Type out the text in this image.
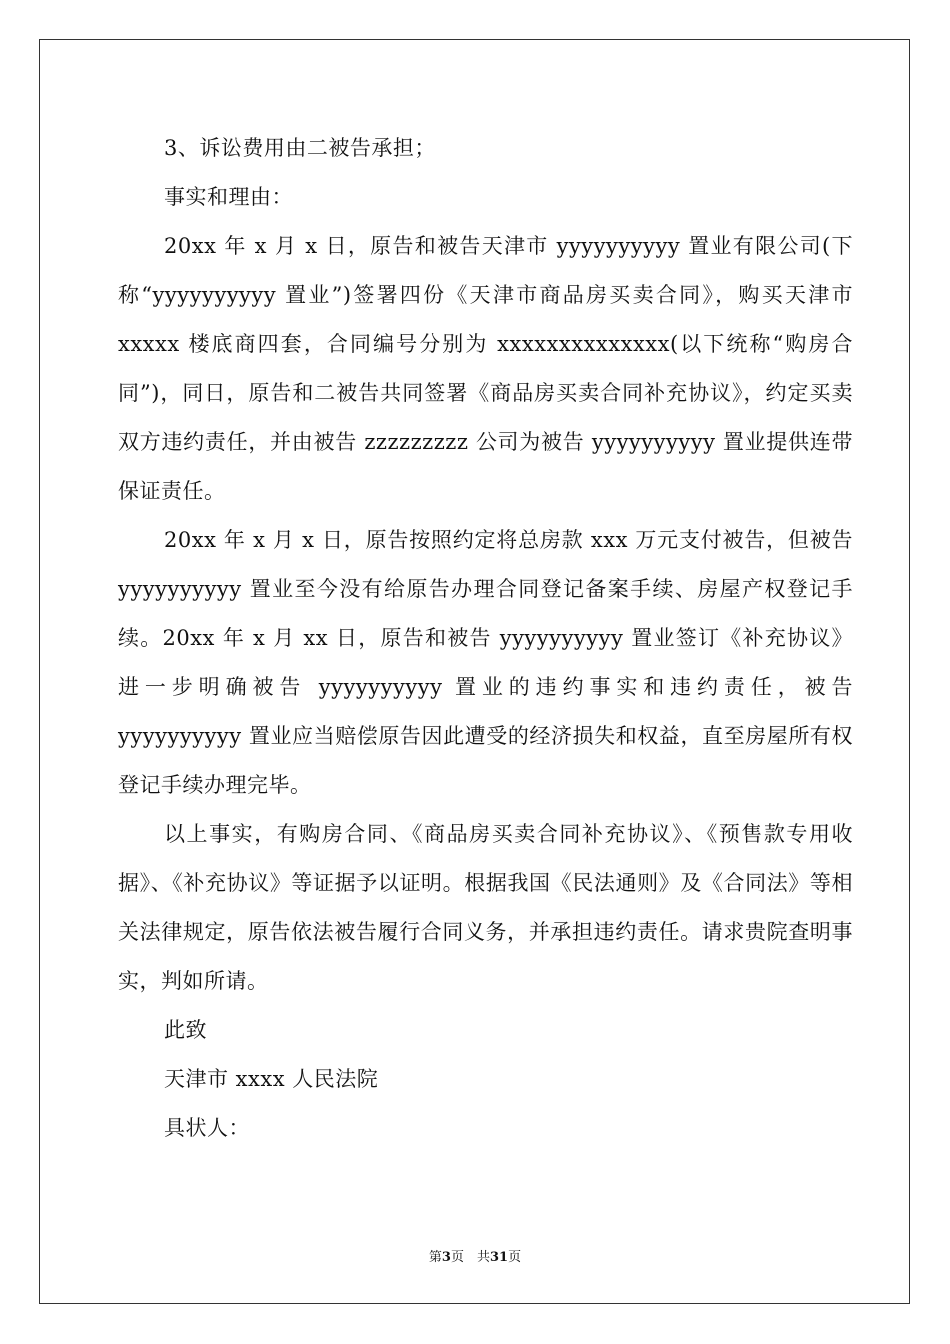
3、诉讼费用由二被告承担；

事实和理由：

20xx 年 x 月 x 日，原告和被告天津市 yyyyyyyyyy 置业有限公司(下称“yyyyyyyyyy 置业”)签署四份《天津市商品房买卖合同》，购买天津市 xxxxx 楼底商四套，合同编号分别为 xxxxxxxxxxxxxx(以下统称“购房合同”)，同日，原告和二被告共同签署《商品房买卖合同补充协议》，约定买卖双方违约责任，并由被告 zzzzzzzzz 公司为被告 yyyyyyyyyy 置业提供连带保证责任。

20xx 年 x 月 x 日，原告按照约定将总房款 xxx 万元支付被告，但被告 yyyyyyyyyy 置业至今没有给原告办理合同登记备案手续、房屋产权登记手续。20xx 年 x 月 xx 日，原告和被告 yyyyyyyyyy 置业签订《补充协议》进一步明确被告 yyyyyyyyyy 置业的违约事实和违约责任，被告 yyyyyyyyyy 置业应当赔偿原告因此遭受的经济损失和权益，直至房屋所有权登记手续办理完毕。

以上事实，有购房合同、《商品房买卖合同补充协议》、《预售款专用收据》、《补充协议》等证据予以证明。根据我国《民法通则》及《合同法》等相关法律规定，原告依法被告履行合同义务，并承担违约责任。请求贵院查明事实，判如所请。

此致

天津市 xxxx 人民法院

具状人：

第3页　共31页
